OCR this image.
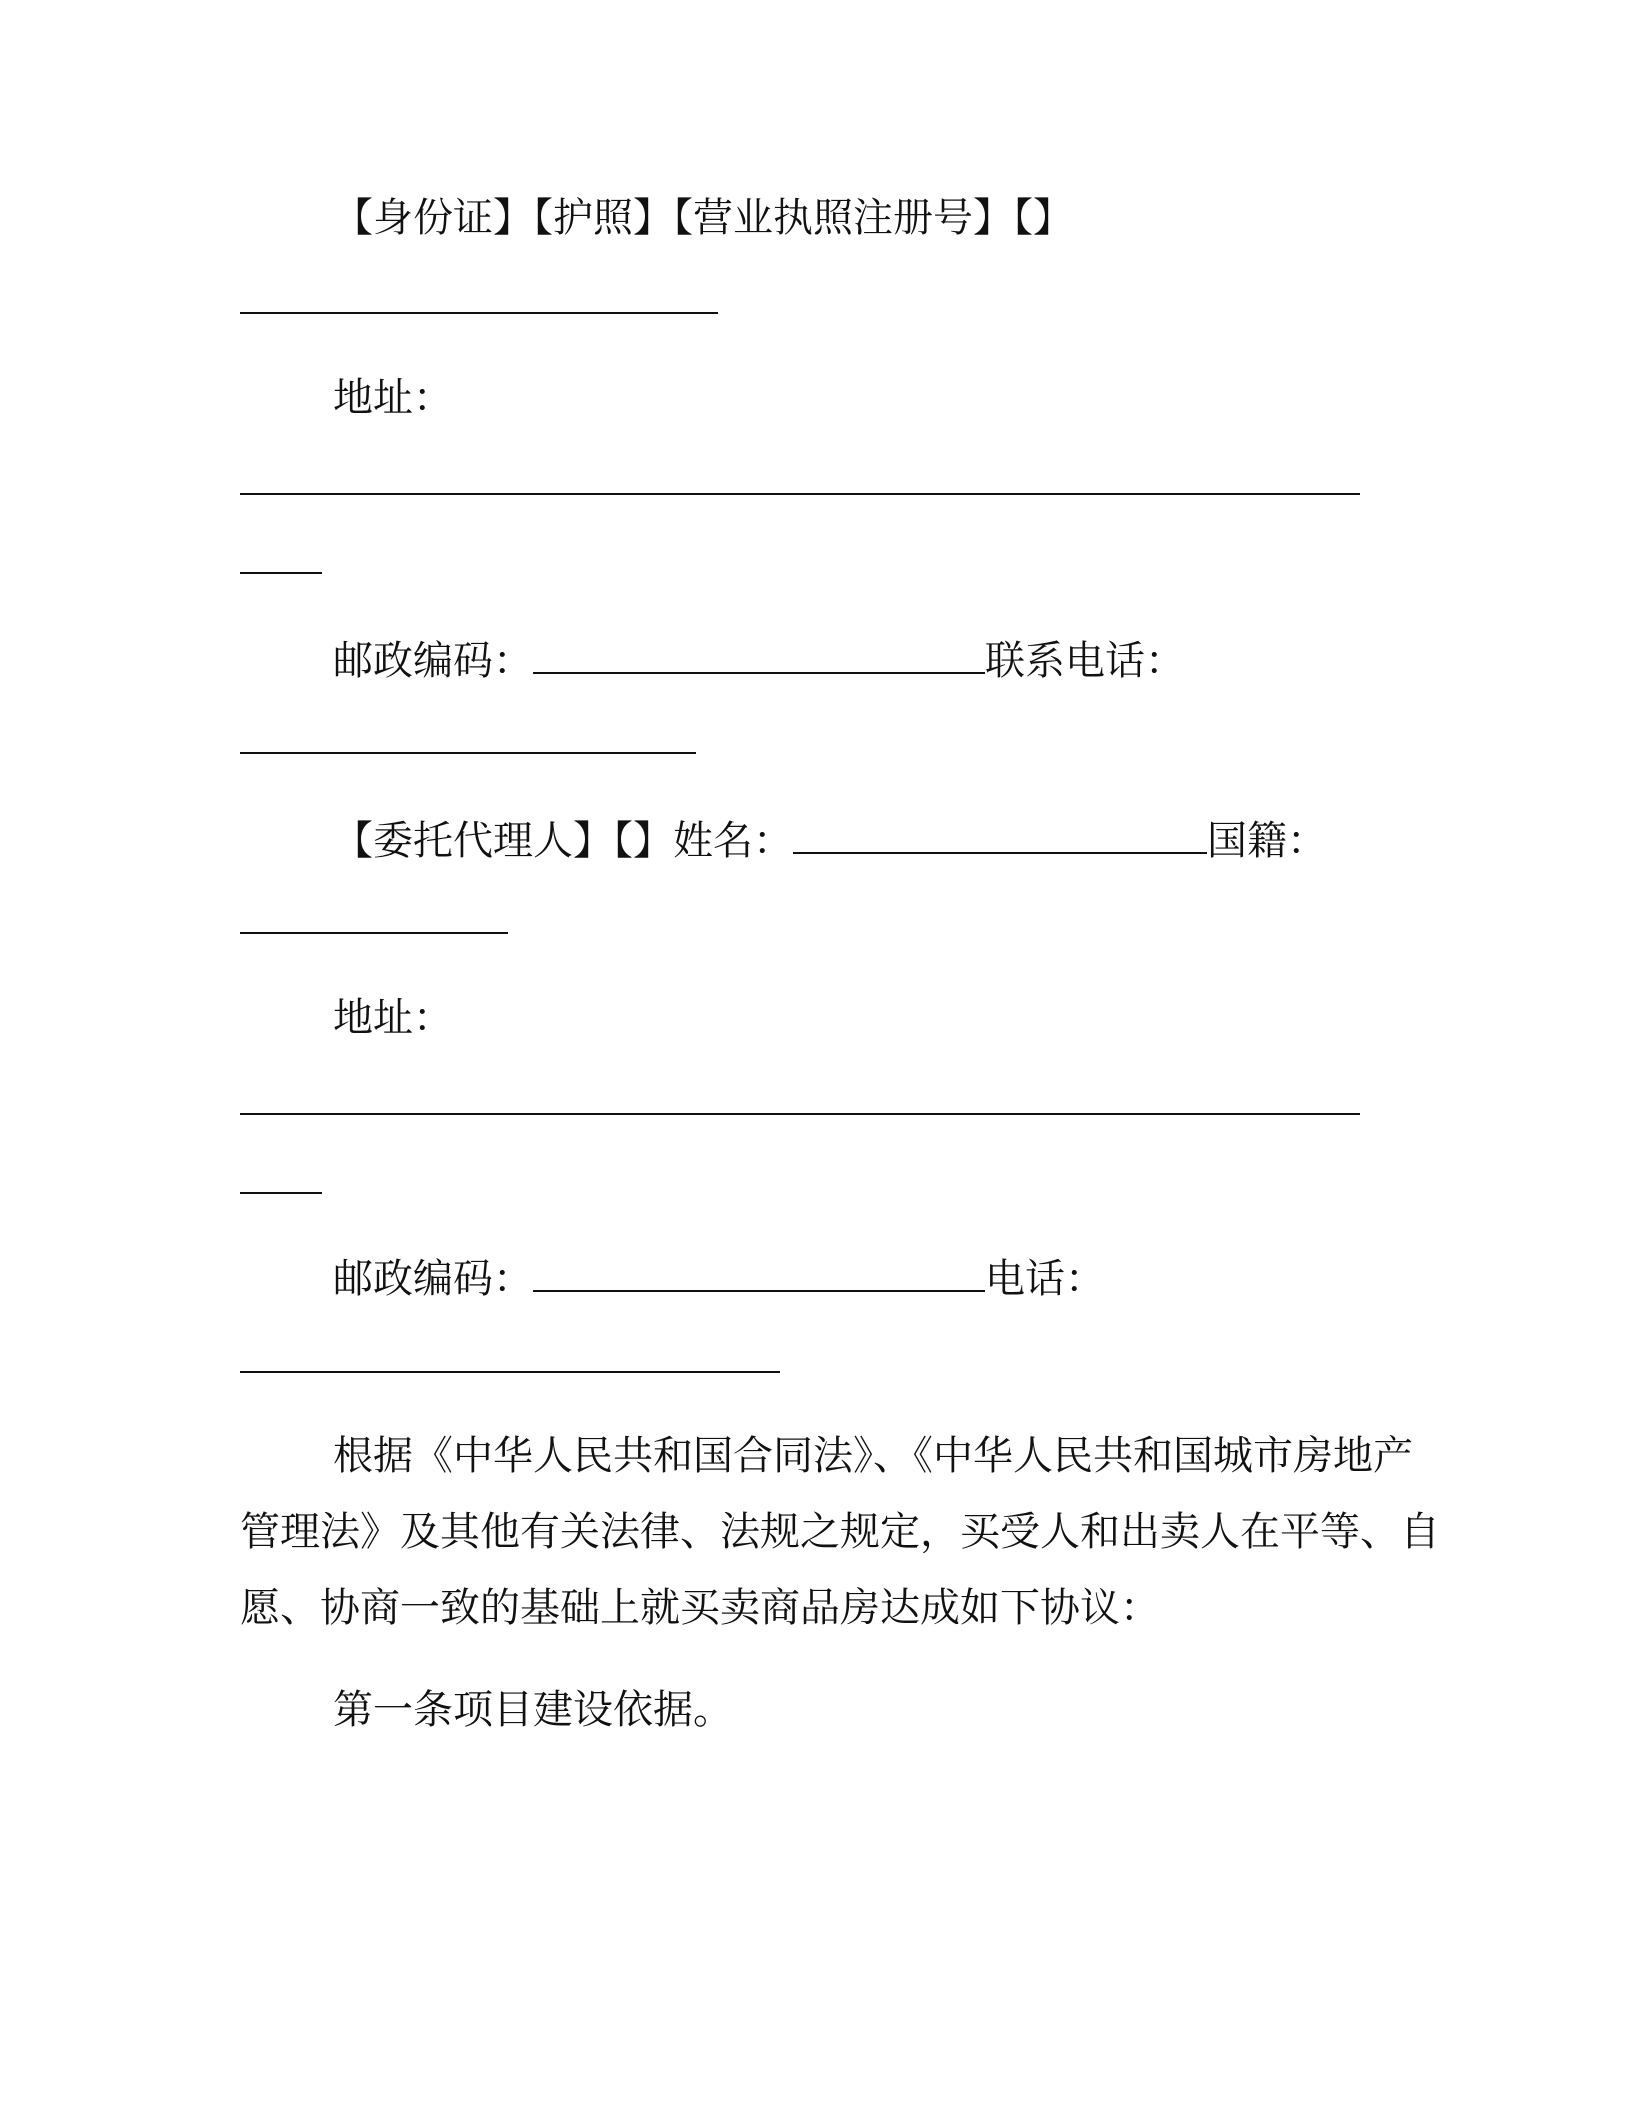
【身份证】【护照】【营业执照注册号】【】
地址：
邮政编码：	联系电话：
【委托代理人】【】姓名：	国籍：
地址：
邮政编码：	电话：
根据《中华人民共和国合同法》、《中华人民共和国城市房地产
管理法》及其他有关法律、法规之规定，买受人和出卖人在平等、自
愿、协商一致的基础上就买卖商品房达成如下协议：
第一条项目建设依据。
